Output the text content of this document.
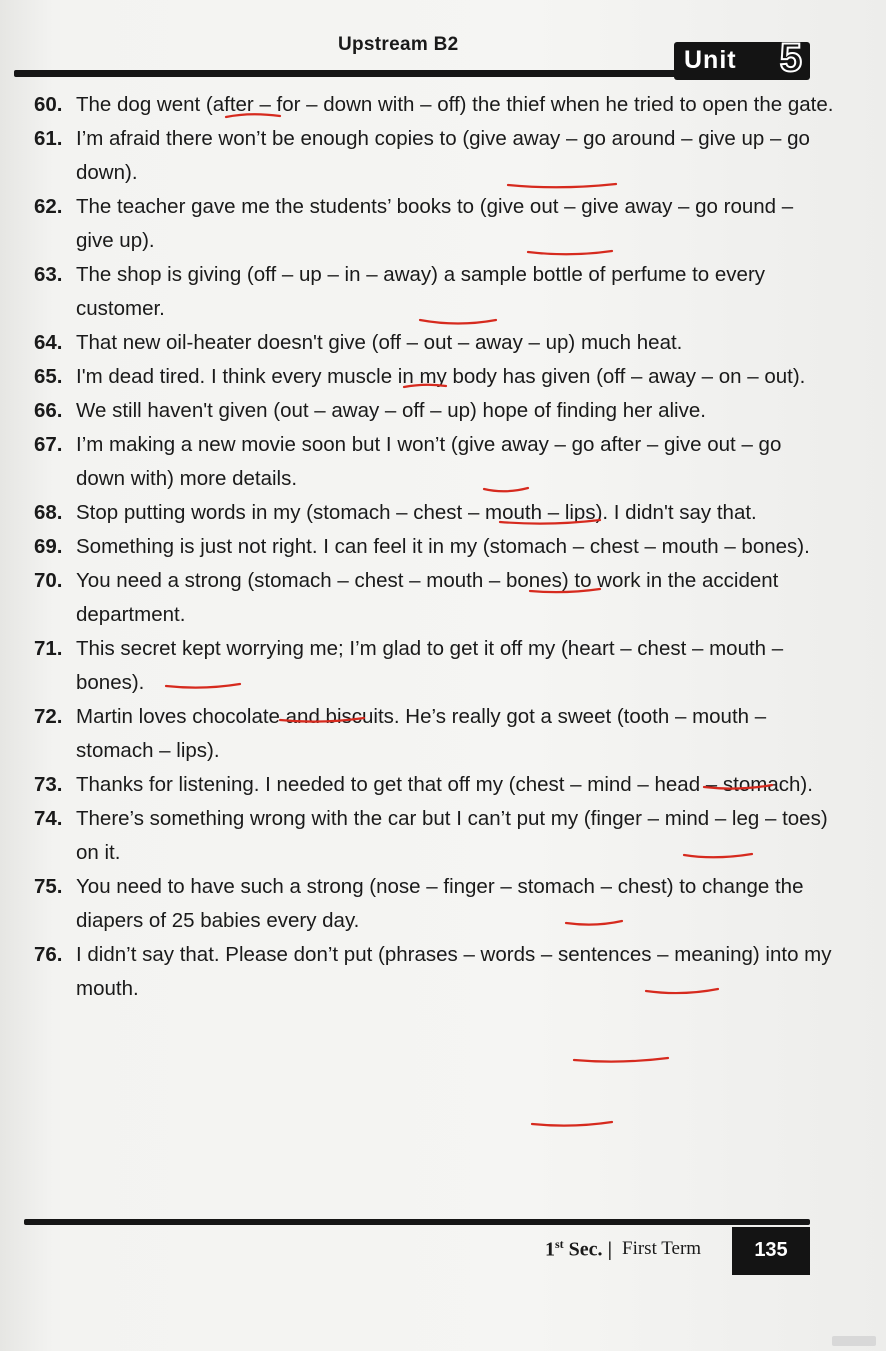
Upstream B2
Unit 5

60. The dog went (after – for – down with – off) the thief when he tried to open the gate.

61. I’m afraid there won’t be enough copies to (give away – go around – give up – go down).

62. The teacher gave me the students’ books to (give out – give away – go round – give up).

63. The shop is giving (off – up – in – away) a sample bottle of perfume to every customer.

64. That new oil-heater doesn't give (off – out – away – up) much heat.

65. I'm dead tired. I think every muscle in my body has given (off – away – on – out).

66. We still haven't given (out – away – off – up) hope of finding her alive.

67. I’m making a new movie soon but I won’t (give away – go after – give out – go down with) more details.

68. Stop putting words in my (stomach – chest – mouth – lips). I didn't say that.

69. Something is just not right. I can feel it in my (stomach – chest – mouth – bones).

70. You need a strong (stomach – chest – mouth – bones) to work in the accident department.

71. This secret kept worrying me; I’m glad to get it off my (heart – chest – mouth – bones).

72. Martin loves chocolate and biscuits. He’s really got a sweet (tooth – mouth – stomach – lips).

73. Thanks for listening. I needed to get that off my (chest – mind – head – stomach).

74. There’s something wrong with the car but I can’t put my (finger – mind – leg – toes) on it.

75. You need to have such a strong (nose – finger – stomach – chest) to change the diapers of 25 babies every day.

76. I didn’t say that. Please don’t put (phrases – words – sentences – meaning) into my mouth.

1st Sec. | First Term	135
